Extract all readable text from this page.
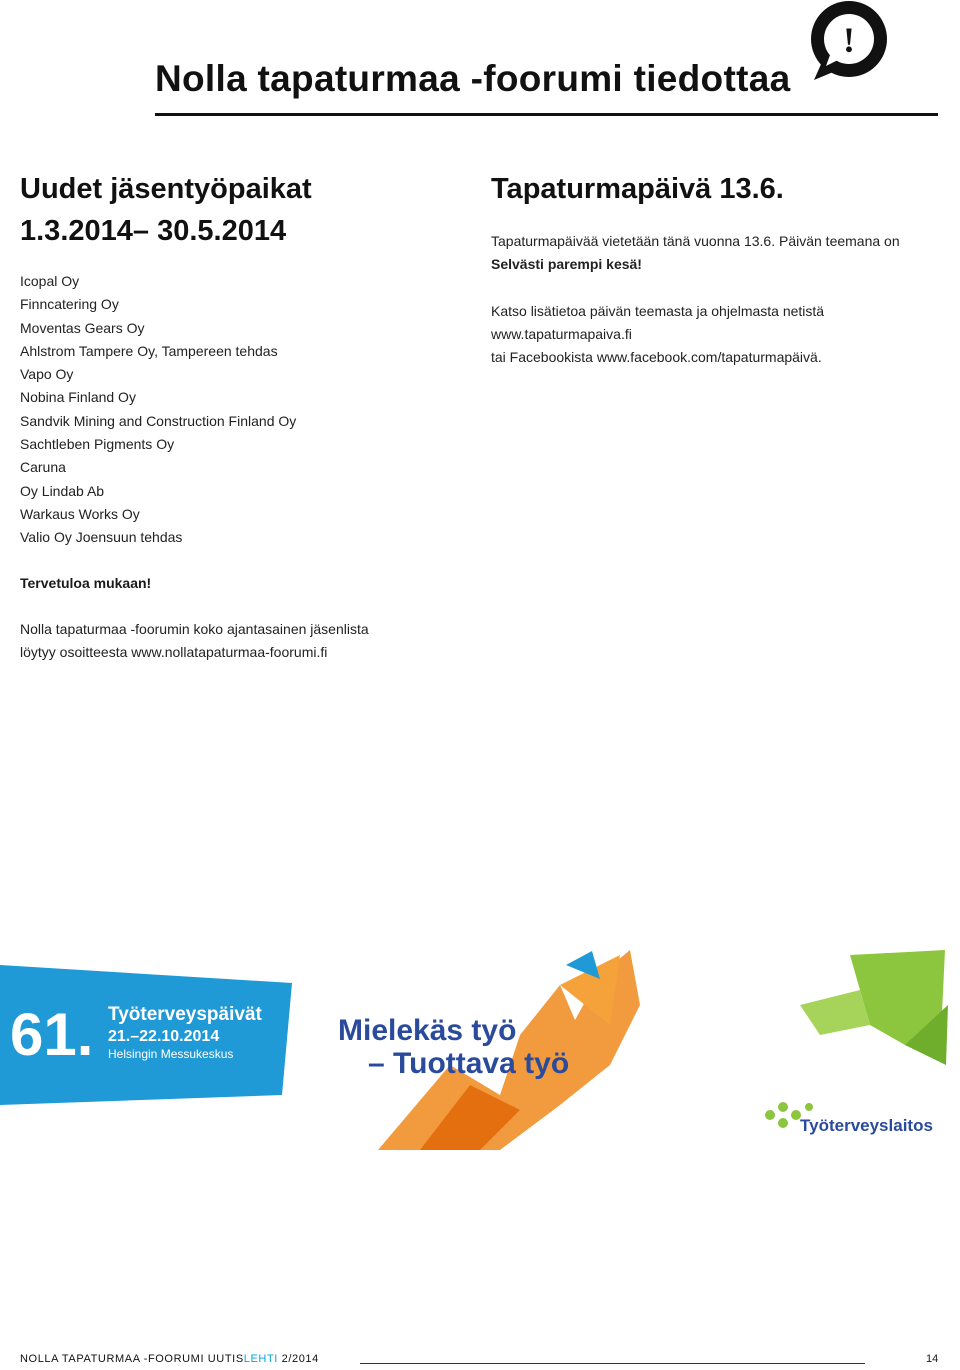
Nolla tapaturmaa -foorumi tiedottaa
!
Uudet jäsentyöpaikat
1.3.2014– 30.5.2014
Icopal Oy
Finncatering Oy
Moventas Gears Oy
Ahlstrom Tampere Oy, Tampereen tehdas
Vapo Oy
Nobina Finland Oy
Sandvik Mining and Construction Finland Oy
Sachtleben Pigments Oy
Caruna
Oy Lindab Ab
Warkaus Works Oy
Valio Oy Joensuun tehdas
Tervetuloa mukaan!

Nolla tapaturmaa -foorumin koko ajantasainen jäsenlista

löytyy osoitteesta www.nollatapaturmaa-foorumi.fi

Tapaturmapäivä 13.6.

Tapaturmapäivää vietetään tänä vuonna 13.6. Päivän teemana on

Selvästi parempi kesä!

Katso lisätietoa päivän teemasta ja ohjelmasta netistä

www.tapaturmapaiva.fi

tai Facebookista www.facebook.com/tapaturmapäivä.

61. Työterveyspäivät
21.–22.10.2014
Helsingin Messukeskus
Mielekäs työ
– Tuottava työ
Työterveyslaitos
NOLLA TAPATURMAA -FOORUMI UUTISLEHTI 2/2014	14
